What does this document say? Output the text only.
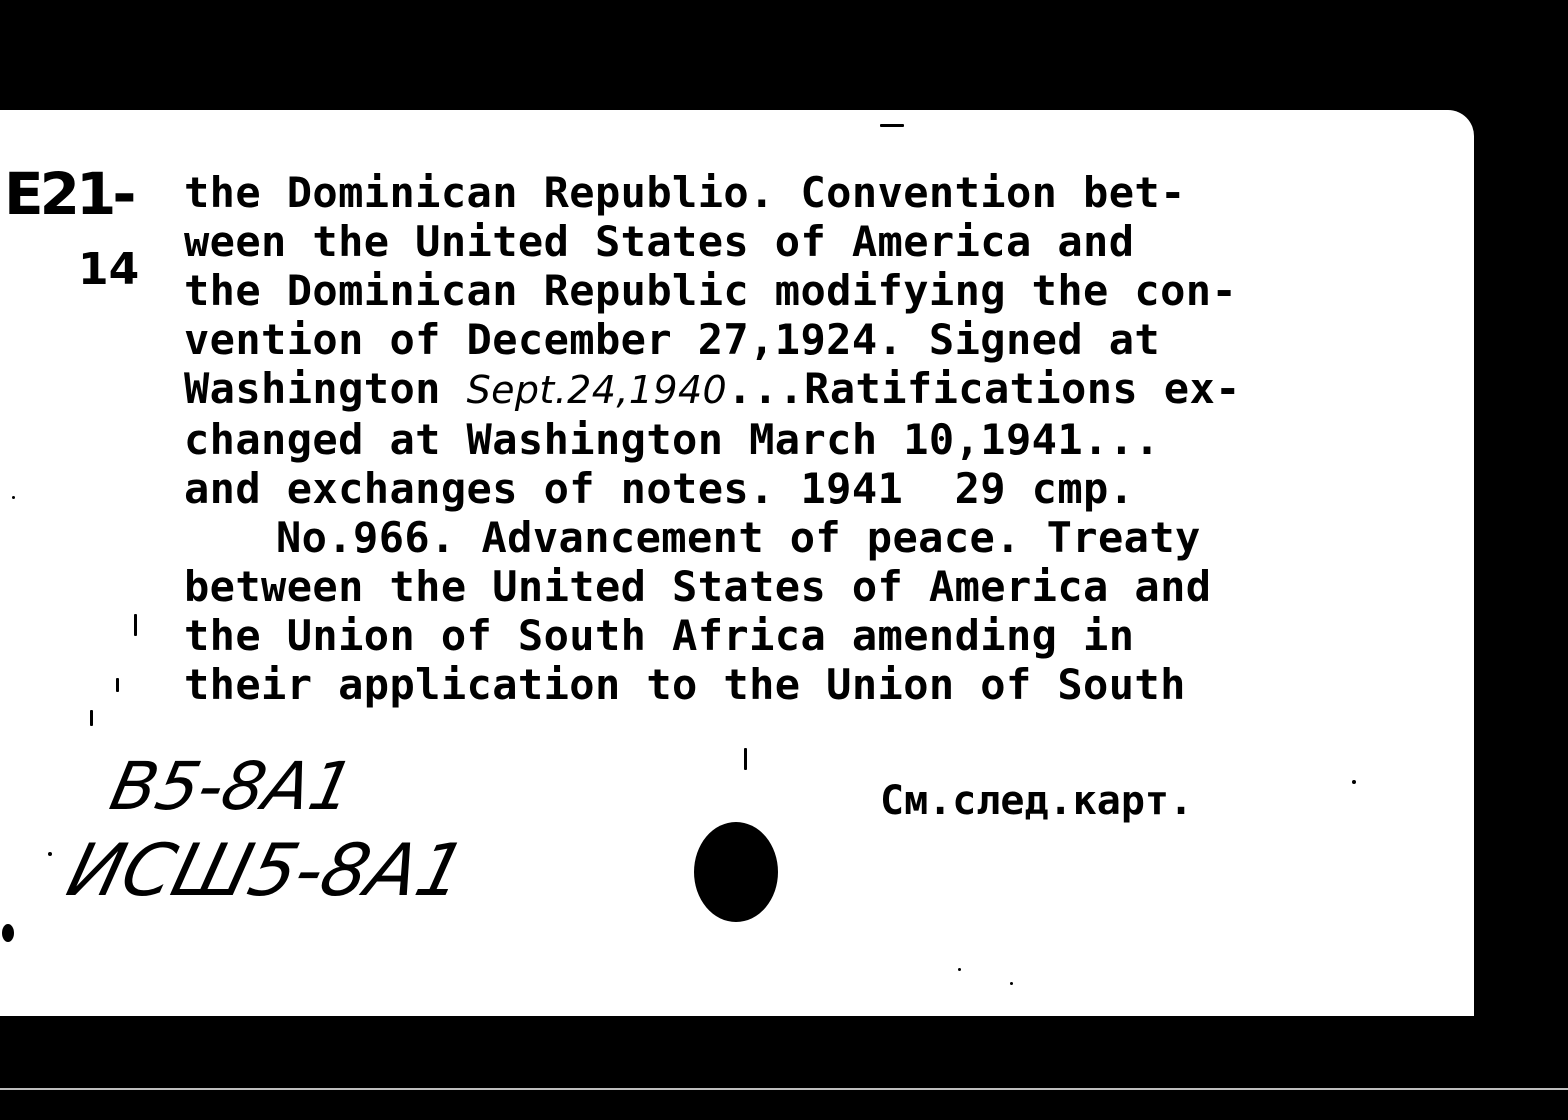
E21-
14
the Dominican Republio. Convention bet-
ween the United States of America and
the Dominican Republic modifying the con-
vention of December 27,1924. Signed at
Washington Sept.24,1940...Ratifications ex-
changed at Washington March 10,1941...
and exchanges of notes. 1941  29 cmp.
No.966. Advancement of peace. Treaty
between the United States of America and
the Union of South Africa amending in
their application to the Union of South
B5-8A1
ИСШ5-8A1
См.след.карт.
